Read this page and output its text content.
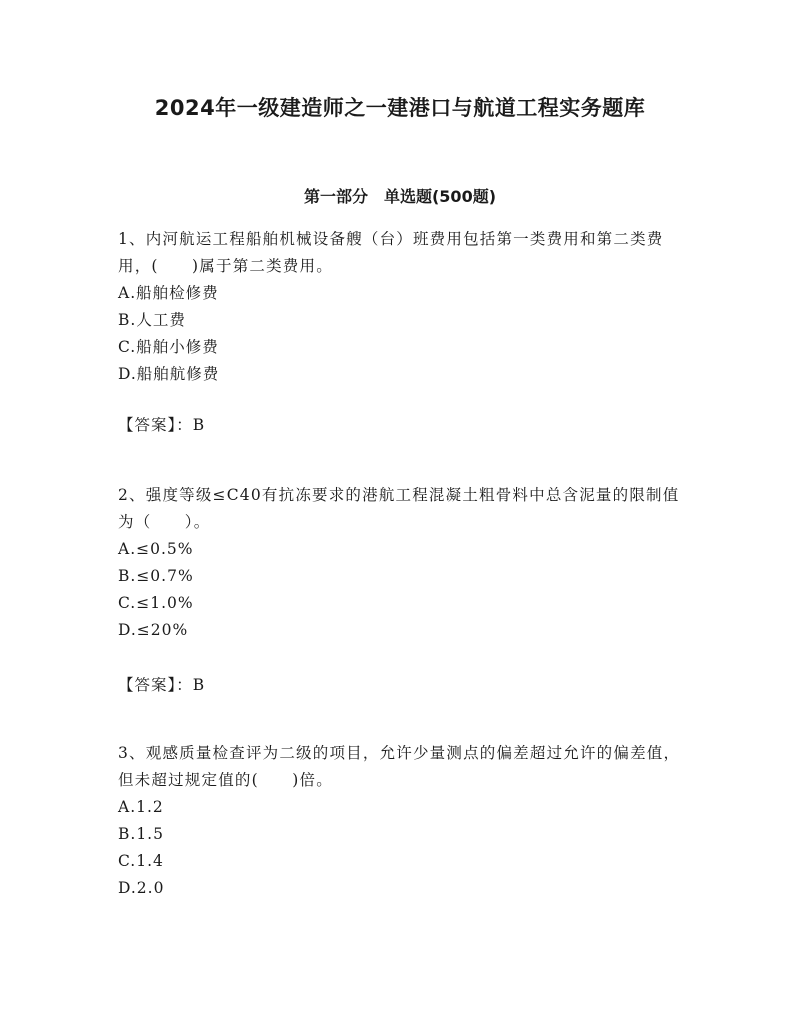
2024年一级建造师之一建港口与航道工程实务题库
第一部分　单选题(500题)

1、内河航运工程船舶机械设备艘（台）班费用包括第一类费用和第二类费用，(　　)属于第二类费用。

A.船舶检修费

B.人工费

C.船舶小修费

D.船舶航修费

【答案】：B

2、强度等级≤C40有抗冻要求的港航工程混凝土粗骨料中总含泥量的限制值为（　　）。

A.≤0.5%

B.≤0.7%

C.≤1.0%

D.≤20%

【答案】：B

3、观感质量检查评为二级的项目，允许少量测点的偏差超过允许的偏差值，但未超过规定值的(　　)倍。

A.1.2

B.1.5

C.1.4

D.2.0
